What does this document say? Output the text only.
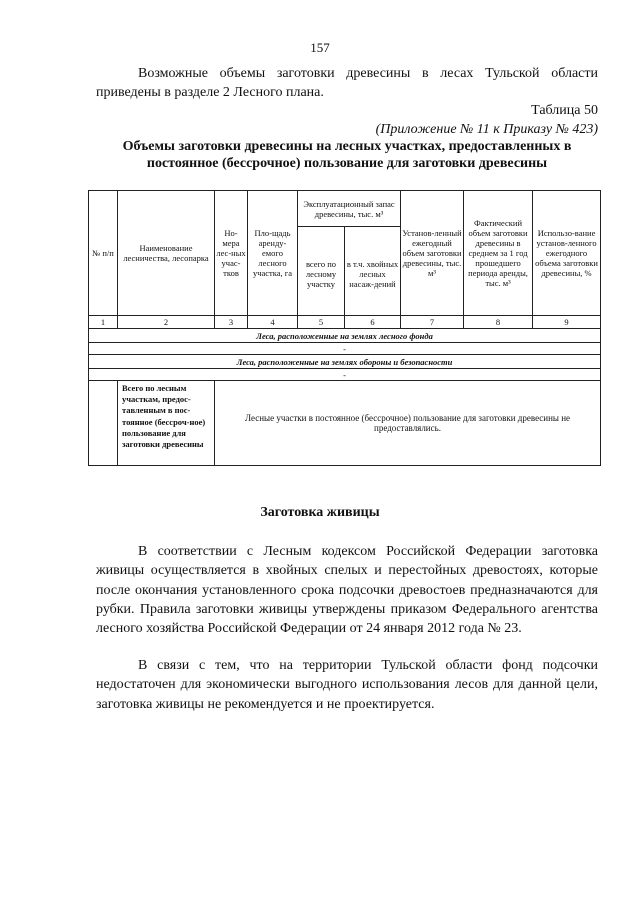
157
Возможные объемы заготовки древесины в лесах Тульской области приведены в разделе 2 Лесного плана.
Таблица 50
(Приложение № 11 к Приказу № 423)
Объемы заготовки древесины на лесных участках, предоставленных в постоянное (бессрочное) пользование для заготовки древесины
№ п/п	Наименование лесничества, лесопарка	Но-мера лес-ных учас-тков	Пло-щадь аренду-емого лесного участка, га	Эксплуатационный запас древесины, тыс. м³		Установ-ленный ежегодный объем заготовки древесины, тыс. м³	Фактический объем заготовки древесины в среднем за 1 год прошедшего периода аренды, тыс. м³	Использо-вание установ-ленного ежегодного объема заготовки древесины, %
				всего по лесному участку	в т.ч. хвойных лесных насаж-дений			
1	2	3	4	5	6	7	8	9
Леса, расположенные на землях лесного фонда								
-								
Леса, расположенные на землях обороны и безопасности								
-								
	Всего по лесным участкам, предос-тавленным в пос-тоянное (бессроч-ное) пользование для заготовки древесины	Лесные участки в постоянное (бессрочное) пользование для заготовки древесины не предоставлялись.						
Заготовка живицы
В соответствии с Лесным кодексом Российской Федерации заготовка живицы осуществляется в хвойных спелых и перестойных древостоях, которые после окончания установленного срока подсочки древостоев предназначаются для рубки. Правила заготовки живицы утверждены приказом Федерального агентства лесного хозяйства Российской Федерации от 24 января 2012 года № 23.
В связи с тем, что на территории Тульской области фонд подсочки недостаточен для экономически выгодного использования лесов для данной цели, заготовка живицы не рекомендуется и не проектируется.
